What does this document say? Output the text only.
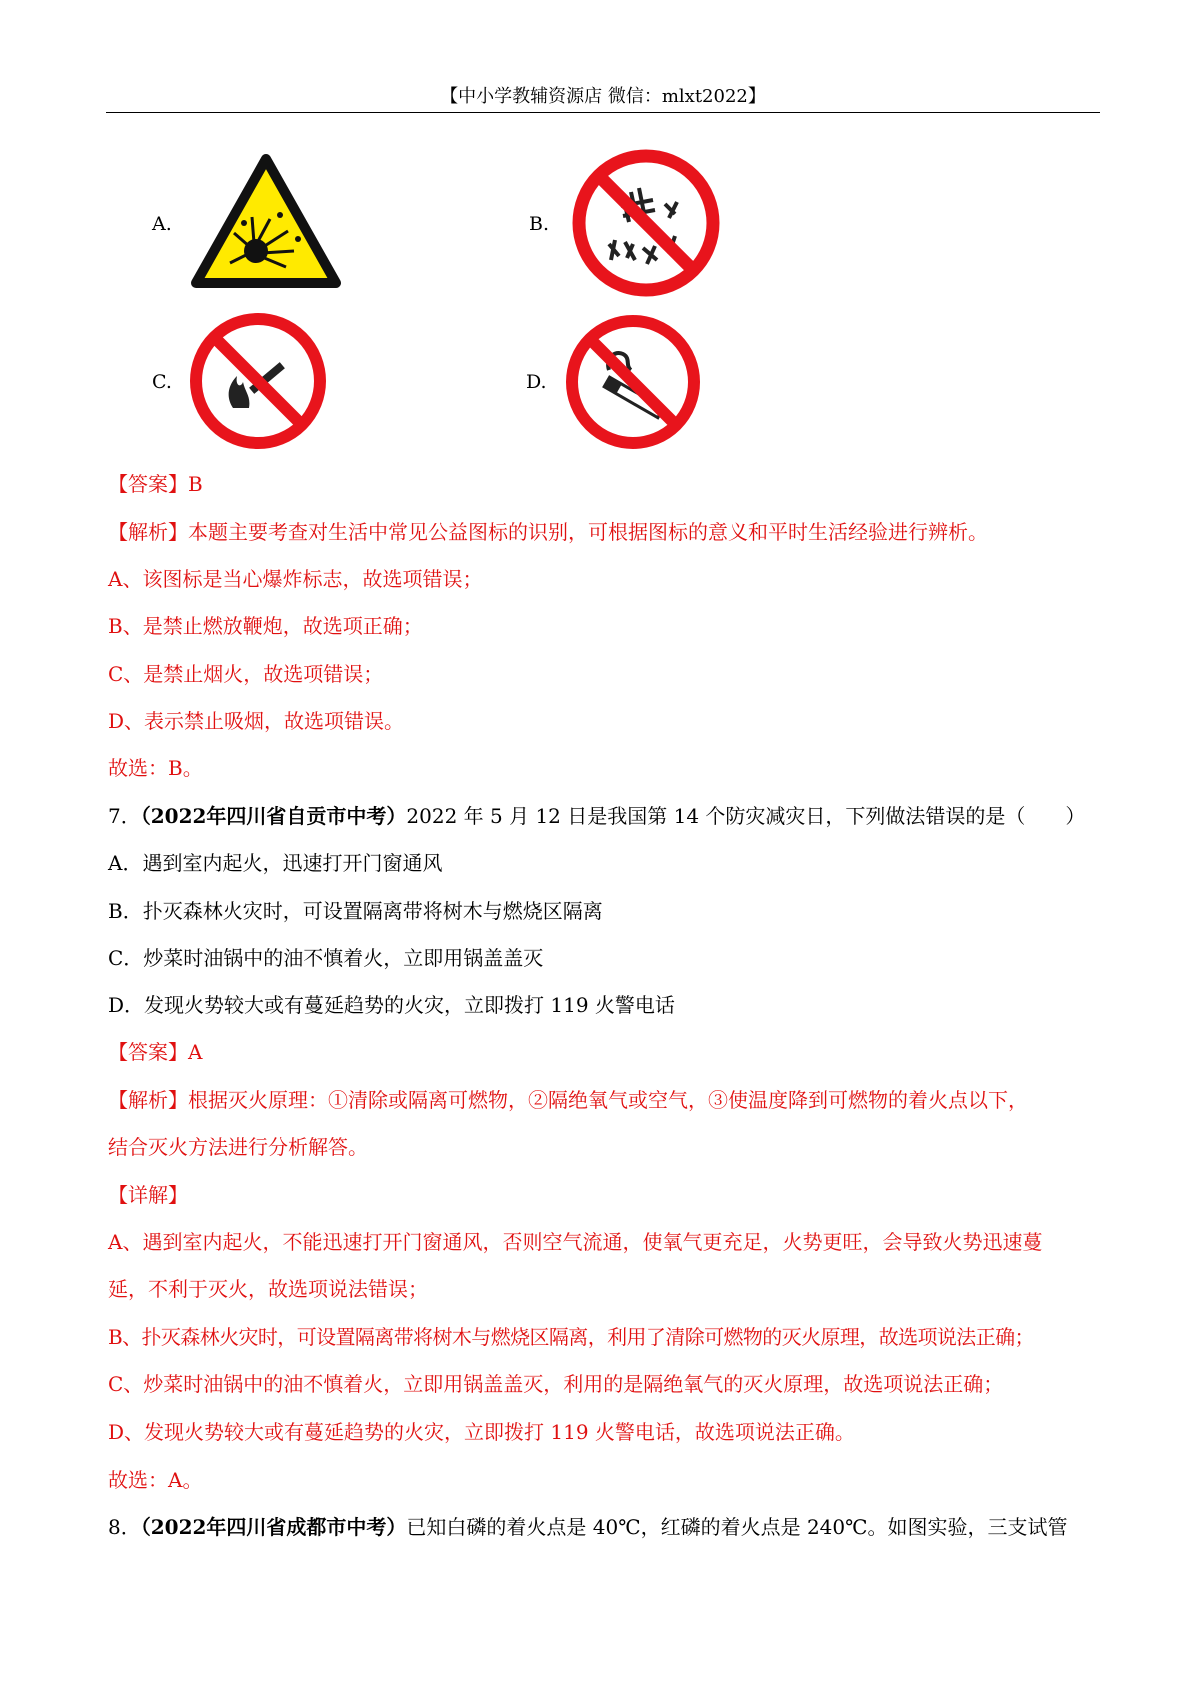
【中小学教辅资源店 微信：mlxt2022】
A.	B.
C.	D.
【答案】B
【解析】本题主要考查对生活中常见公益图标的识别，可根据图标的意义和平时生活经验进行辨析。
A、该图标是当心爆炸标志，故选项错误；
B、是禁止燃放鞭炮，故选项正确；
C、是禁止烟火，故选项错误；
D、表示禁止吸烟，故选项错误。
故选：B。
7．（2022年四川省自贡市中考）2022 年 5 月 12 日是我国第 14 个防灾减灾日，下列做法错误的是（　　）
A．遇到室内起火，迅速打开门窗通风
B．扑灭森林火灾时，可设置隔离带将树木与燃烧区隔离
C．炒菜时油锅中的油不慎着火，立即用锅盖盖灭
D．发现火势较大或有蔓延趋势的火灾，立即拨打 119 火警电话
【答案】A
【解析】根据灭火原理：①清除或隔离可燃物，②隔绝氧气或空气，③使温度降到可燃物的着火点以下，
结合灭火方法进行分析解答。
【详解】
A、遇到室内起火，不能迅速打开门窗通风，否则空气流通，使氧气更充足，火势更旺，会导致火势迅速蔓
延，不利于灭火，故选项说法错误；
B、扑灭森林火灾时，可设置隔离带将树木与燃烧区隔离，利用了清除可燃物的灭火原理，故选项说法正确；
C、炒菜时油锅中的油不慎着火，立即用锅盖盖灭，利用的是隔绝氧气的灭火原理，故选项说法正确；
D、发现火势较大或有蔓延趋势的火灾，立即拨打 119 火警电话，故选项说法正确。
故选：A。
8．（2022年四川省成都市中考）已知白磷的着火点是 40℃，红磷的着火点是 240℃。如图实验，三支试管
